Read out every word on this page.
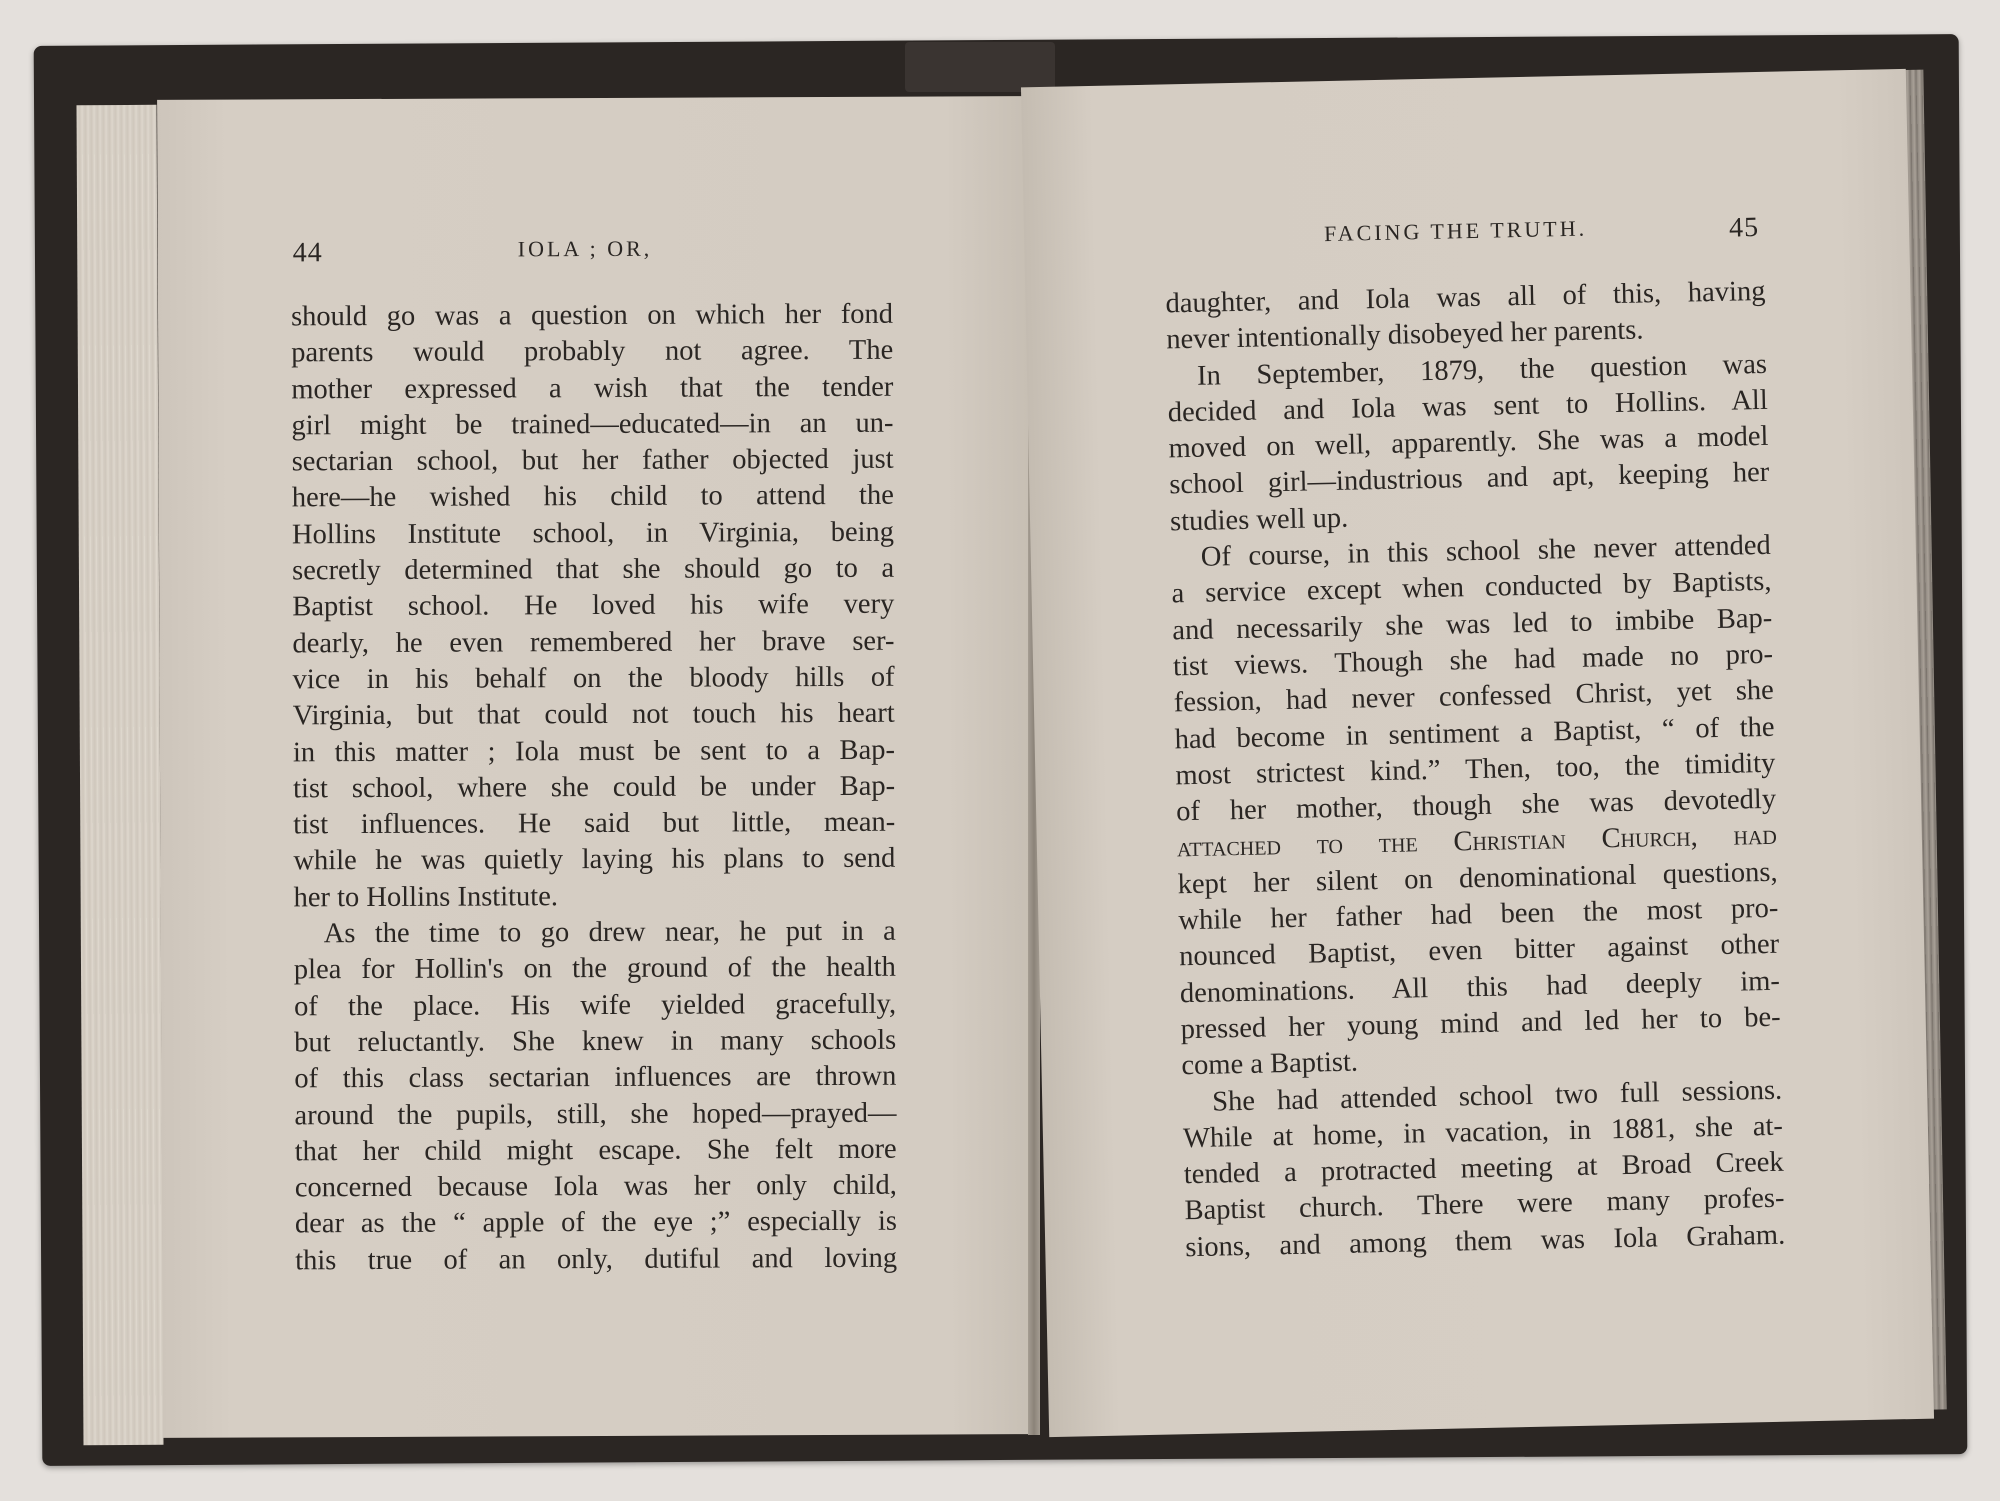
44	IOLA ; OR,
should go was a question on which her fond
parents would probably not agree. The
mother expressed a wish that the tender
girl might be trained—educated—in an un-
sectarian school, but her father objected just
here—he wished his child to attend the
Hollins Institute school, in Virginia, being
secretly determined that she should go to a
Baptist school. He loved his wife very
dearly, he even remembered her brave ser-
vice in his behalf on the bloody hills of
Virginia, but that could not touch his heart
in this matter ; Iola must be sent to a Bap-
tist school, where she could be under Bap-
tist influences. He said but little, mean-
while he was quietly laying his plans to send
her to Hollins Institute.
As the time to go drew near, he put in a
plea for Hollin's on the ground of the health
of the place. His wife yielded gracefully,
but reluctantly. She knew in many schools
of this class sectarian influences are thrown
around the pupils, still, she hoped—prayed—
that her child might escape. She felt more
concerned because Iola was her only child,
dear as the “ apple of the eye ;” especially is
this true of an only, dutiful and loving
FACING THE TRUTH.	45
daughter, and Iola was all of this, having
never intentionally disobeyed her parents.
In September, 1879, the question was
decided and Iola was sent to Hollins. All
moved on well, apparently. She was a model
school girl—industrious and apt, keeping her
studies well up.
Of course, in this school she never attended
a service except when conducted by Baptists,
and necessarily she was led to imbibe Bap-
tist views. Though she had made no pro-
fession, had never confessed Christ, yet she
had become in sentiment a Baptist, “ of the
most strictest kind.” Then, too, the timidity
of her mother, though she was devotedly
attached to the Christian Church, had
kept her silent on denominational questions,
while her father had been the most pro-
nounced Baptist, even bitter against other
denominations. All this had deeply im-
pressed her young mind and led her to be-
come a Baptist.
She had attended school two full sessions.
While at home, in vacation, in 1881, she at-
tended a protracted meeting at Broad Creek
Baptist church. There were many profes-
sions, and among them was Iola Graham.
